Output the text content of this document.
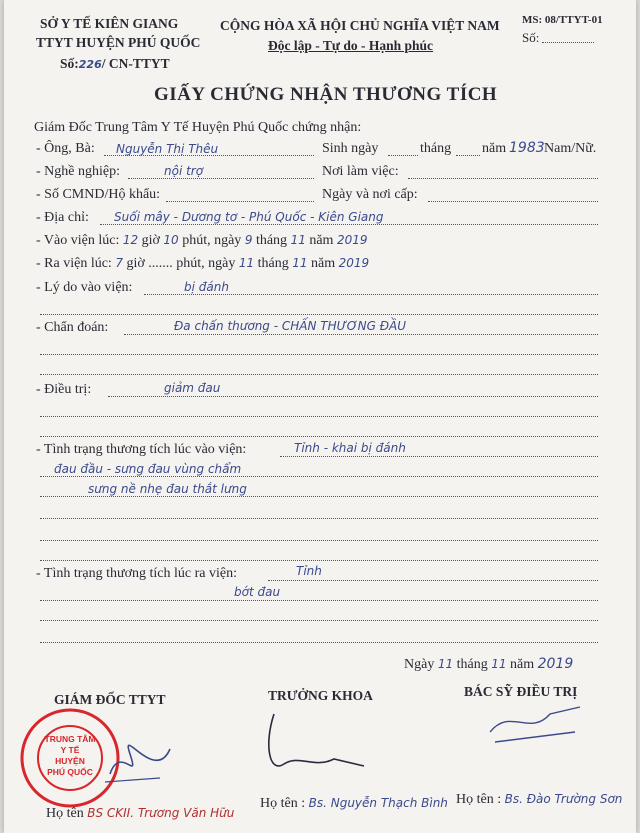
SỞ Y TẾ KIÊN GIANG
TTYT HUYỆN PHÚ QUỐC
Số:226/ CN-TTYT
CỘNG HÒA XÃ HỘI CHỦ NGHĨA VIỆT NAM
Độc lập - Tự do - Hạnh phúc
MS: 08/TTYT-01
Số:
GIẤY CHỨNG NHẬN THƯƠNG TÍCH
Giám Đốc Trung Tâm Y Tế Huyện Phú Quốc chứng nhận:
- Ông, Bà: Nguyễn Thị Thêu	Sinh ngày	tháng năm 1983 Nam/Nữ.
- Nghề nghiệp:	nội trợ	Nơi làm việc:
- Số CMND/Hộ khẩu:	Ngày và nơi cấp:
- Địa chỉ: Suối mây - Dương tơ - Phú Quốc - Kiên Giang
- Vào viện lúc: 12 giờ 10 phút, ngày 9 tháng 11 năm 2019
- Ra viện lúc: 7 giờ ....... phút, ngày 11 tháng 11 năm 2019
- Lý do vào viện:	bị đánh
- Chẩn đoán:	Đa chấn thương - CHẤN THƯƠNG ĐẦU
- Điều trị:	giảm đau
- Tình trạng thương tích lúc vào viện:	Tỉnh - khai bị đánh
đau đầu - sưng đau vùng chẩm
sưng nề nhẹ đau thắt lưng
- Tình trạng thương tích lúc ra viện:	Tỉnh
bớt đau
Ngày 11 tháng 11 năm 2019
GIÁM ĐỐC TTYT	TRƯỞNG KHOA	BÁC SỸ ĐIỀU TRỊ
TRUNG TÂM
Y TẾ
HUYỆN
PHÚ QUỐC
Họ tên BS CKII. Trương Văn Hữu
Họ tên : Bs. Nguyễn Thạch Bình Họ tên : Bs. Đào Trường Sơn
